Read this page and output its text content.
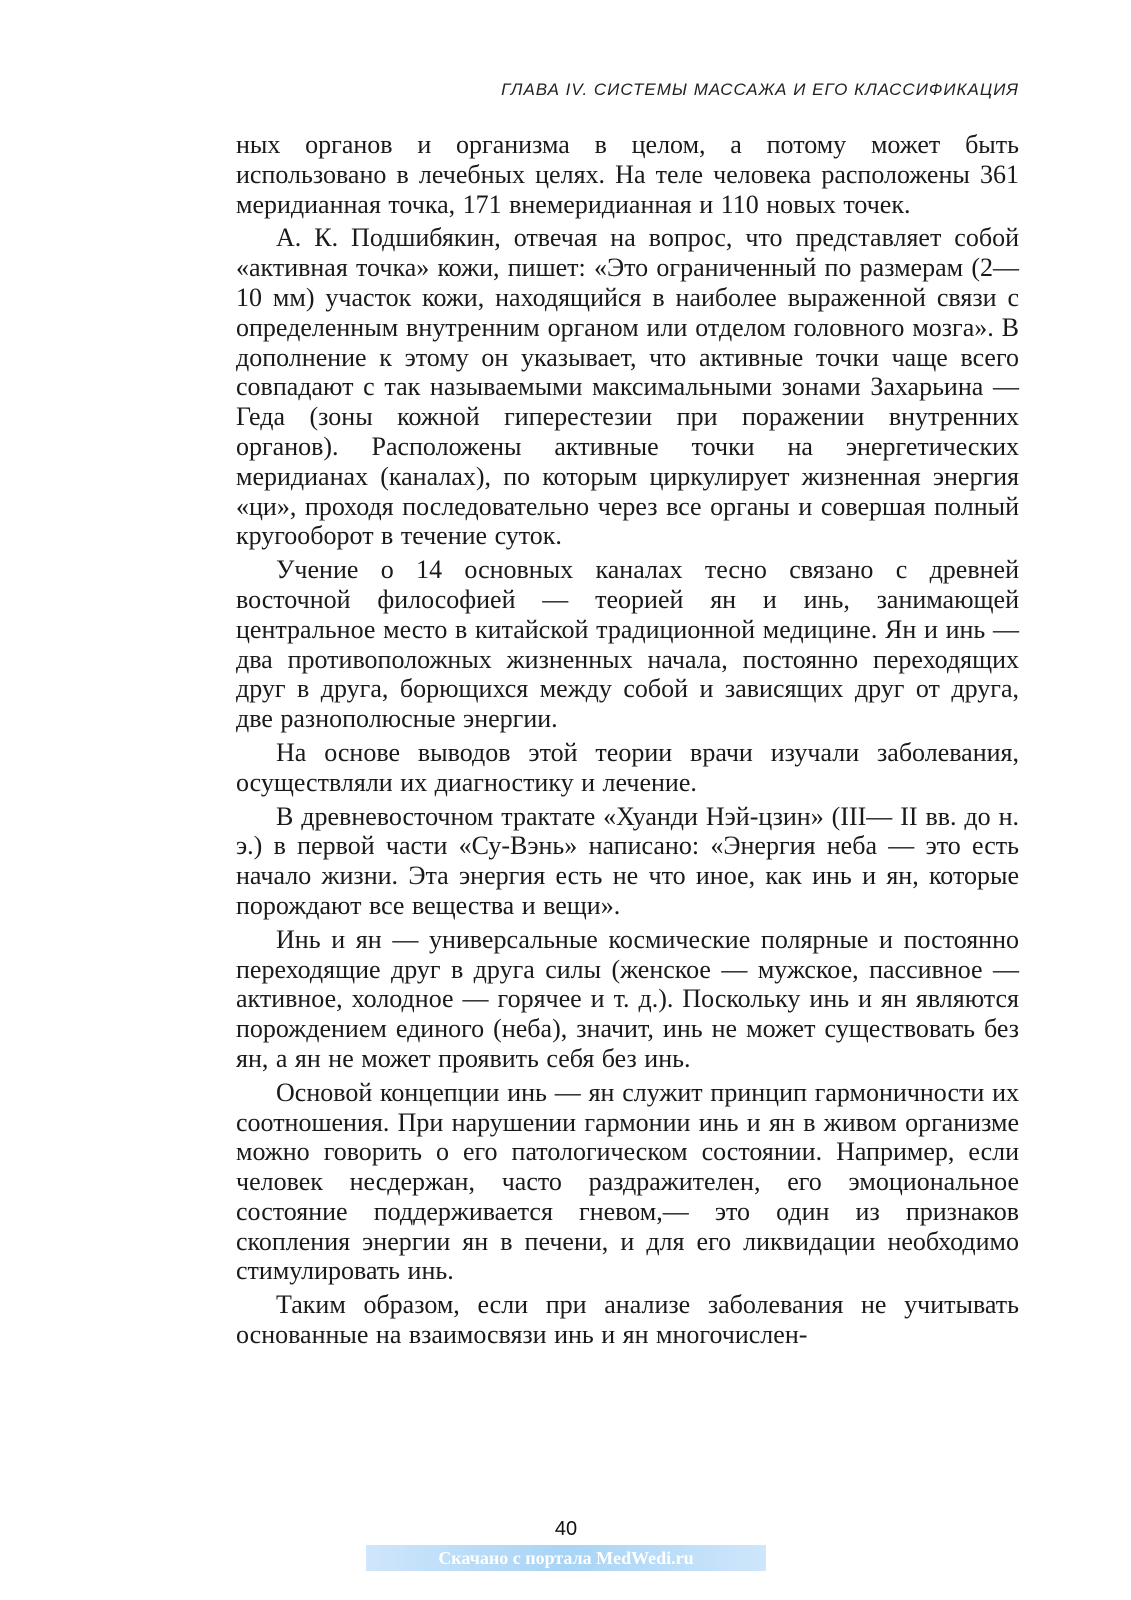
ГЛАВА IV. СИСТЕМЫ МАССАЖА И ЕГО КЛАССИФИКАЦИЯ

ных органов и организма в целом, а потому может быть использовано в лечебных целях. На теле человека расположены 361 меридианная точка, 171 внемеридианная и 110 новых точек.

А. К. Подшибякин, отвечая на вопрос, что представляет собой «активная точка» кожи, пишет: «Это ограниченный по размерам (2—10 мм) участок кожи, находящийся в наиболее выраженной связи с определенным внутренним органом или отделом головного мозга». В дополнение к этому он указывает, что активные точки чаще всего совпадают с так называемыми максимальными зонами Захарьина — Геда (зоны кожной гиперестезии при поражении внутренних органов). Расположены активные точки на энергетических меридианах (каналах), по которым циркулирует жизненная энергия «ци», проходя последовательно через все органы и совершая полный кругооборот в течение суток.

Учение о 14 основных каналах тесно связано с древней восточной философией — теорией ян и инь, занимающей центральное место в китайской традиционной медицине. Ян и инь — два противоположных жизненных начала, постоянно переходящих друг в друга, борющихся между собой и зависящих друг от друга, две разнополюсные энергии.

На основе выводов этой теории врачи изучали заболевания, осуществляли их диагностику и лечение.

В древневосточном трактате «Хуанди Нэй-цзин» (III— II вв. до н. э.) в первой части «Су-Вэнь» написано: «Энергия неба — это есть начало жизни. Эта энергия есть не что иное, как инь и ян, которые порождают все вещества и вещи».

Инь и ян — универсальные космические полярные и постоянно переходящие друг в друга силы (женское — мужское, пассивное — активное, холодное — горячее и т. д.). Поскольку инь и ян являются порождением единого (неба), значит, инь не может существовать без ян, а ян не может проявить себя без инь.

Основой концепции инь — ян служит принцип гармоничности их соотношения. При нарушении гармонии инь и ян в живом организме можно говорить о его патологическом состоянии. Например, если человек несдержан, часто раздражителен, его эмоциональное состояние поддерживается гневом,— это один из признаков скопления энергии ян в печени, и для его ликвидации необходимо стимулировать инь.

Таким образом, если при анализе заболевания не учитывать основанные на взаимосвязи инь и ян многочислен-

40
Скачано с портала MedWedi.ru
